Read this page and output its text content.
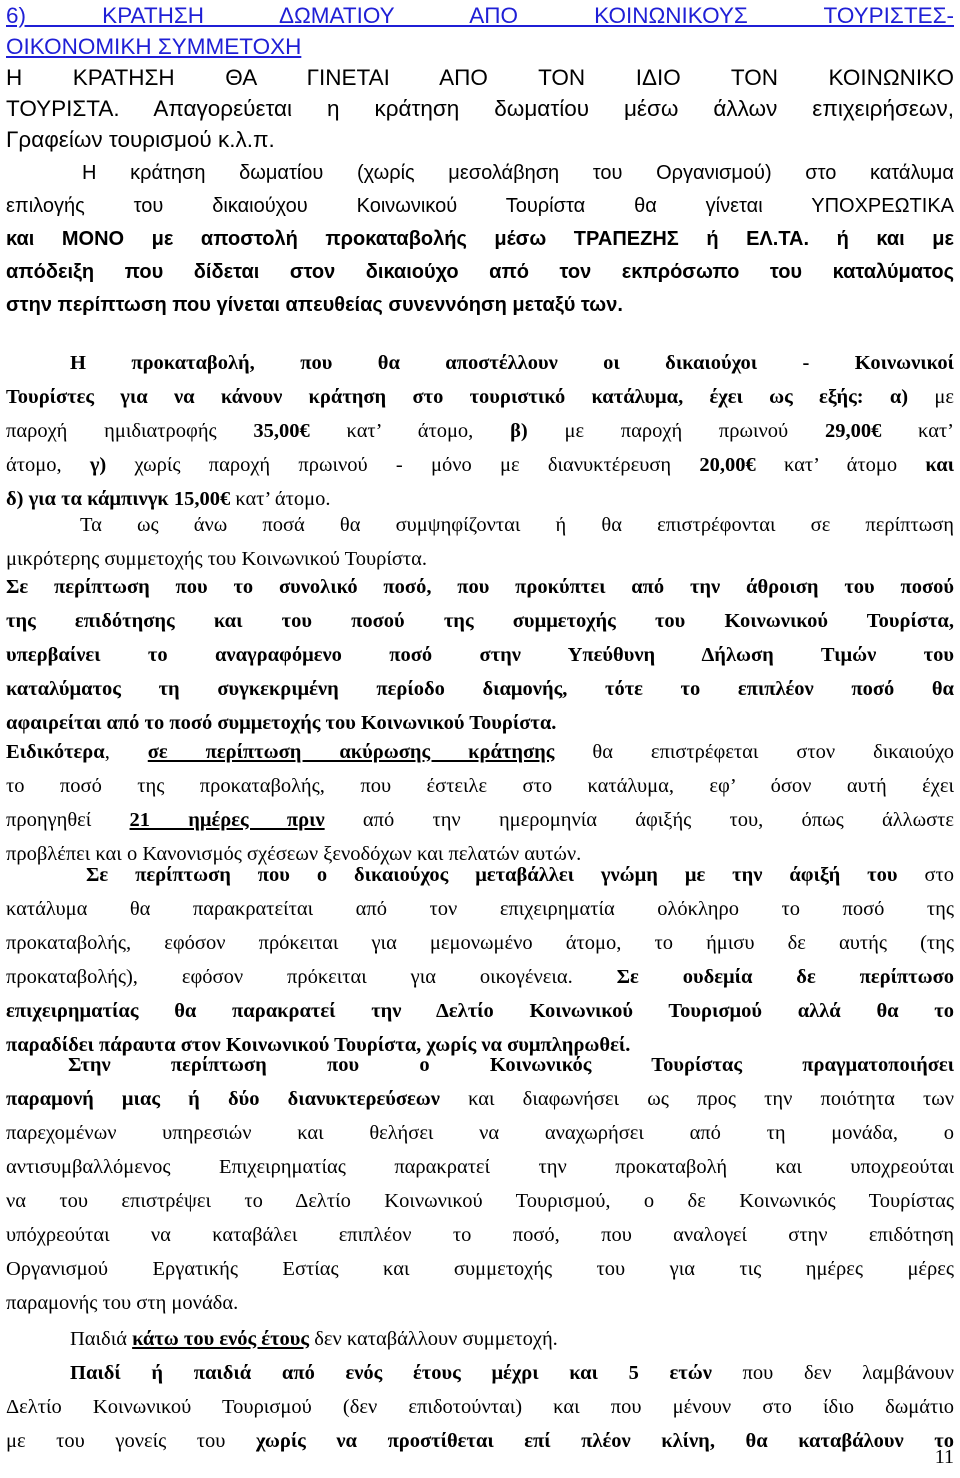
6) ΚΡΑΤΗΣΗ ΔΩΜΑΤΙΟΥ ΑΠΟ ΚΟΙΝΩΝΙΚΟΥΣ ΤΟΥΡΙΣΤΕΣ-
ΟΙΚΟΝΟΜΙΚΗ ΣΥΜΜΕΤΟΧΗ
Η ΚΡΑΤΗΣΗ ΘΑ ΓΙΝΕΤΑΙ ΑΠΟ ΤΟΝ ΙΔΙΟ ΤΟΝ ΚΟΙΝΩΝΙΚΟ
ΤΟΥΡΙΣΤΑ. Απαγορεύεται η κράτηση δωματίου μέσω άλλων επιχειρήσεων,
Γραφείων τουρισμού κ.λ.π.
Η κράτηση δωματίου (χωρίς μεσολάβηση του Οργανισμού) στο κατάλυμα
επιλογής του δικαιούχου Κοινωνικού Τουρίστα θα γίνεται ΥΠΟΧΡΕΩΤΙΚΑ
και ΜΟΝΟ με αποστολή προκαταβολής μέσω ΤΡΑΠΕΖΗΣ ή ΕΛ.ΤΑ. ή και με
απόδειξη που δίδεται στον δικαιούχο από τον εκπρόσωπο του καταλύματος
στην περίπτωση που γίνεται απευθείας συνεννόηση μεταξύ των.
Η προκαταβολή, που θα αποστέλλουν οι δικαιούχοι - Κοινωνικοί
Τουρίστες για να κάνουν κράτηση στο τουριστικό κατάλυμα, έχει ως εξής: α) με
παροχή ημιδιατροφής 35,00€ κατ’ άτομο, β) με παροχή πρωινού 29,00€ κατ’
άτομο, γ) χωρίς παροχή πρωινού - μόνο με διανυκτέρευση 20,00€ κατ’ άτομο και
δ) για τα κάμπινγκ 15,00€ κατ’ άτομο.
Τα ως άνω ποσά θα συμψηφίζονται ή θα επιστρέφονται σε περίπτωση
μικρότερης συμμετοχής του Κοινωνικού Τουρίστα.
Σε περίπτωση που το συνολικό ποσό, που προκύπτει από την άθροιση του ποσού
της επιδότησης και του ποσού της συμμετοχής του Κοινωνικού Τουρίστα,
υπερβαίνει το αναγραφόμενο ποσό στην Υπεύθυνη Δήλωση Τιμών του
καταλύματος τη συγκεκριμένη περίοδο διαμονής, τότε το επιπλέον ποσό θα
αφαιρείται από το ποσό συμμετοχής του Κοινωνικού Τουρίστα.
Ειδικότερα, σε περίπτωση ακύρωσης κράτησης θα επιστρέφεται στον δικαιούχο
το ποσό της προκαταβολής, που έστειλε στο κατάλυμα, εφ’ όσον αυτή έχει
προηγηθεί 21 ημέρες πριν από την ημερομηνία άφιξής του, όπως άλλωστε
προβλέπει και ο Κανονισμός σχέσεων ξενοδόχων και πελατών αυτών.
Σε περίπτωση που ο δικαιούχος μεταβάλλει γνώμη με την άφιξή του στο
κατάλυμα θα παρακρατείται από τον επιχειρηματία ολόκληρο το ποσό της
προκαταβολής, εφόσον πρόκειται για μεμονωμένο άτομο, το ήμισυ δε αυτής (της
προκαταβολής), εφόσον πρόκειται για οικογένεια. Σε ουδεμία δε περίπτωσο
επιχειρηματίας θα παρακρατεί την Δελτίο Κοινωνικού Τουρισμού αλλά θα το
παραδίδει πάραυτα στον Κοινωνικού Τουρίστα, χωρίς να συμπληρωθεί.
Στην περίπτωση που ο Κοινωνικός Τουρίστας πραγματοποιήσει
παραμονή μιας ή δύο διανυκτερεύσεων και διαφωνήσει ως προς την ποιότητα των
παρεχομένων υπηρεσιών και θελήσει να αναχωρήσει από τη μονάδα, ο
αντισυμβαλλόμενος Επιχειρηματίας παρακρατεί την προκαταβολή και υποχρεούται
να του επιστρέψει το Δελτίο Κοινωνικού Τουρισμού, ο δε Κοινωνικός Τουρίστας
υπόχρεούται να καταβάλει επιπλέον το ποσό, που αναλογεί στην επιδότηση
Οργανισμού Εργατικής Εστίας και συμμετοχής του για τις ημέρες μέρες
παραμονής του στη μονάδα.
Παιδιά κάτω του ενός έτους δεν καταβάλλουν συμμετοχή.
Παιδί ή παιδιά από ενός έτους μέχρι και 5 ετών που δεν λαμβάνουν
Δελτίο Κοινωνικού Τουρισμού (δεν επιδοτούνται) και που μένουν στο ίδιο δωμάτιο
με του γονείς του χωρίς να προστίθεται επί πλέον κλίνη, θα καταβάλουν το
11
